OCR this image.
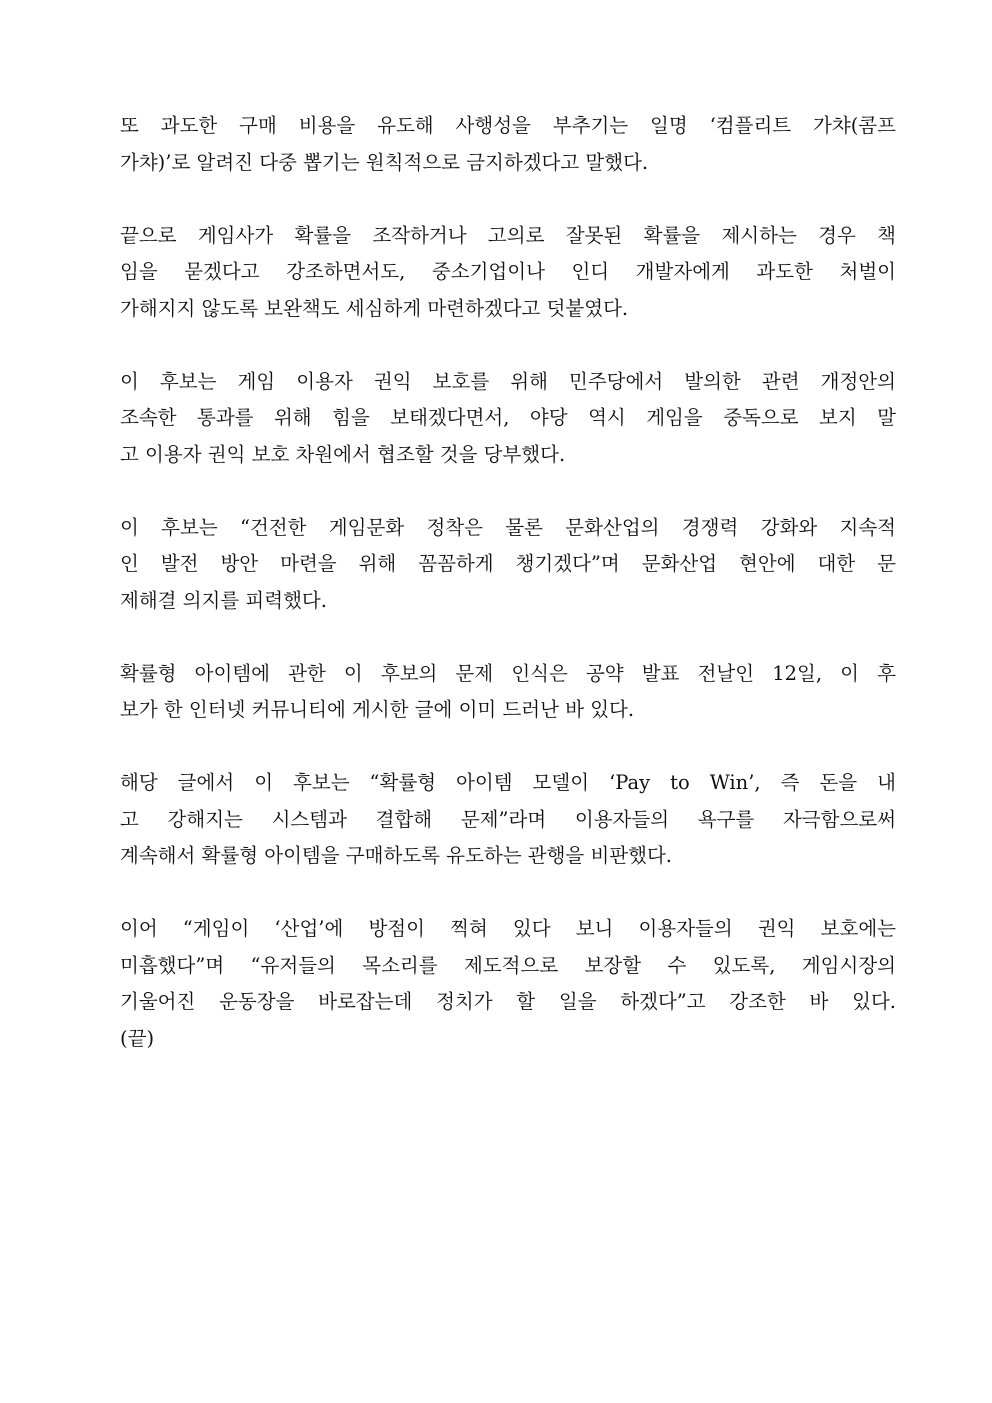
또 과도한 구매 비용을 유도해 사행성을 부추기는 일명 ‘컴플리트 가챠(콤프
가챠)’로 알려진 다중 뽑기는 원칙적으로 금지하겠다고 말했다.

끝으로 게임사가 확률을 조작하거나 고의로 잘못된 확률을 제시하는 경우 책
임을 묻겠다고 강조하면서도, 중소기업이나 인디 개발자에게 과도한 처벌이
가해지지 않도록 보완책도 세심하게 마련하겠다고 덧붙였다.

이 후보는 게임 이용자 권익 보호를 위해 민주당에서 발의한 관련 개정안의
조속한 통과를 위해 힘을 보태겠다면서, 야당 역시 게임을 중독으로 보지 말
고 이용자 권익 보호 차원에서 협조할 것을 당부했다.

이 후보는 “건전한 게임문화 정착은 물론 문화산업의 경쟁력 강화와 지속적
인 발전 방안 마련을 위해 꼼꼼하게 챙기겠다”며 문화산업 현안에 대한 문
제해결 의지를 피력했다.

확률형 아이템에 관한 이 후보의 문제 인식은 공약 발표 전날인 12일, 이 후
보가 한 인터넷 커뮤니티에 게시한 글에 이미 드러난 바 있다.

해당 글에서 이 후보는 “확률형 아이템 모델이 ‘Pay to Win’, 즉 돈을 내
고 강해지는 시스템과 결합해 문제”라며 이용자들의 욕구를 자극함으로써
계속해서 확률형 아이템을 구매하도록 유도하는 관행을 비판했다.

이어 “게임이 ‘산업’에 방점이 찍혀 있다 보니 이용자들의 권익 보호에는
미흡했다”며 “유저들의 목소리를 제도적으로 보장할 수 있도록, 게임시장의
기울어진 운동장을 바로잡는데 정치가 할 일을 하겠다”고 강조한 바 있다.
(끝)
